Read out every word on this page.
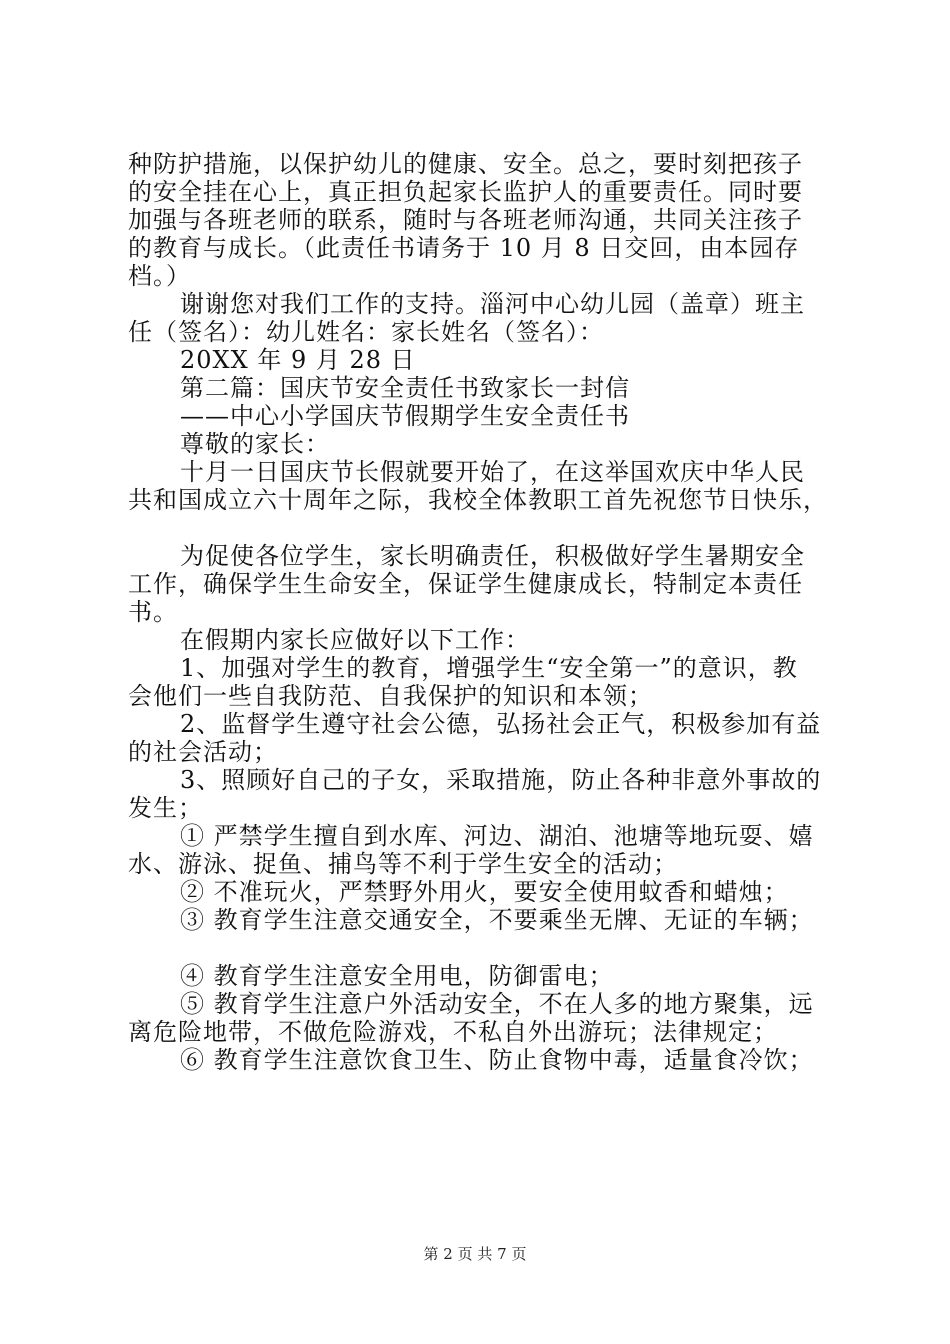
种防护措施，以保护幼儿的健康、安全。总之，要时刻把孩子
的安全挂在心上，真正担负起家长监护人的重要责任。同时要
加强与各班老师的联系，随时与各班老师沟通，共同关注孩子
的教育与成长。（此责任书请务于 10 月 8 日交回，由本园存
档。）
谢谢您对我们工作的支持。淄河中心幼儿园（盖章）班主
任（签名）：幼儿姓名：家长姓名（签名）：
20XX 年 9 月 28 日
第二篇：国庆节安全责任书致家长一封信
——中心小学国庆节假期学生安全责任书
尊敬的家长：
十月一日国庆节长假就要开始了，在这举国欢庆中华人民
共和国成立六十周年之际，我校全体教职工首先祝您节日快乐，
为促使各位学生，家长明确责任，积极做好学生暑期安全
工作，确保学生生命安全，保证学生健康成长，特制定本责任
书。
在假期内家长应做好以下工作：
1、加强对学生的教育，增强学生“安全第一”的意识，教
会他们一些自我防范、自我保护的知识和本领；
2、监督学生遵守社会公德，弘扬社会正气，积极参加有益
的社会活动；
3、照顾好自己的子女，采取措施，防止各种非意外事故的
发生；
① 严禁学生擅自到水库、河边、湖泊、池塘等地玩耍、嬉
水、游泳、捉鱼、捕鸟等不利于学生安全的活动；
② 不准玩火，严禁野外用火，要安全使用蚊香和蜡烛；
③ 教育学生注意交通安全，不要乘坐无牌、无证的车辆；
④ 教育学生注意安全用电，防御雷电；
⑤ 教育学生注意户外活动安全，不在人多的地方聚集，远
离危险地带，不做危险游戏，不私自外出游玩；法律规定；
⑥ 教育学生注意饮食卫生、防止食物中毒，适量食冷饮；
第 2 页 共 7 页
